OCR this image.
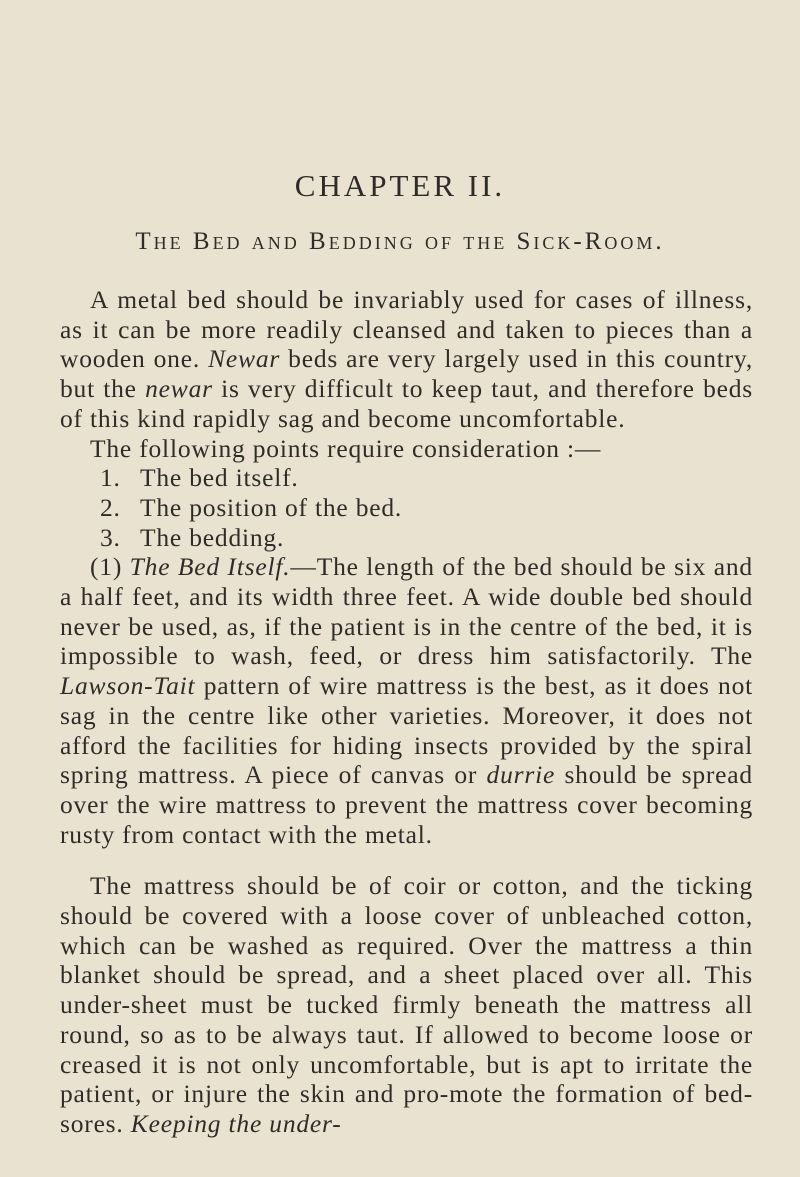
CHAPTER II.
The Bed and Bedding of the Sick-Room.

A metal bed should be invariably used for cases of illness, as it can be more readily cleansed and taken to pieces than a wooden one. Newar beds are very largely used in this country, but the newar is very difficult to keep taut, and therefore beds of this kind rapidly sag and become uncomfortable.

The following points require consideration :—

1. The bed itself.
2. The position of the bed.
3. The bedding.

(1) The Bed Itself.—The length of the bed should be six and a half feet, and its width three feet. A wide double bed should never be used, as, if the patient is in the centre of the bed, it is impossible to wash, feed, or dress him satisfactorily. The Lawson-Tait pattern of wire mattress is the best, as it does not sag in the centre like other varieties. Moreover, it does not afford the facilities for hiding insects provided by the spiral spring mattress. A piece of canvas or durrie should be spread over the wire mattress to prevent the mattress cover becoming rusty from contact with the metal.

The mattress should be of coir or cotton, and the ticking should be covered with a loose cover of unbleached cotton, which can be washed as required. Over the mattress a thin blanket should be spread, and a sheet placed over all. This under-sheet must be tucked firmly beneath the mattress all round, so as to be always taut. If allowed to become loose or creased it is not only uncomfortable, but is apt to irritate the patient, or injure the skin and pro-mote the formation of bed-sores. Keeping the under-
